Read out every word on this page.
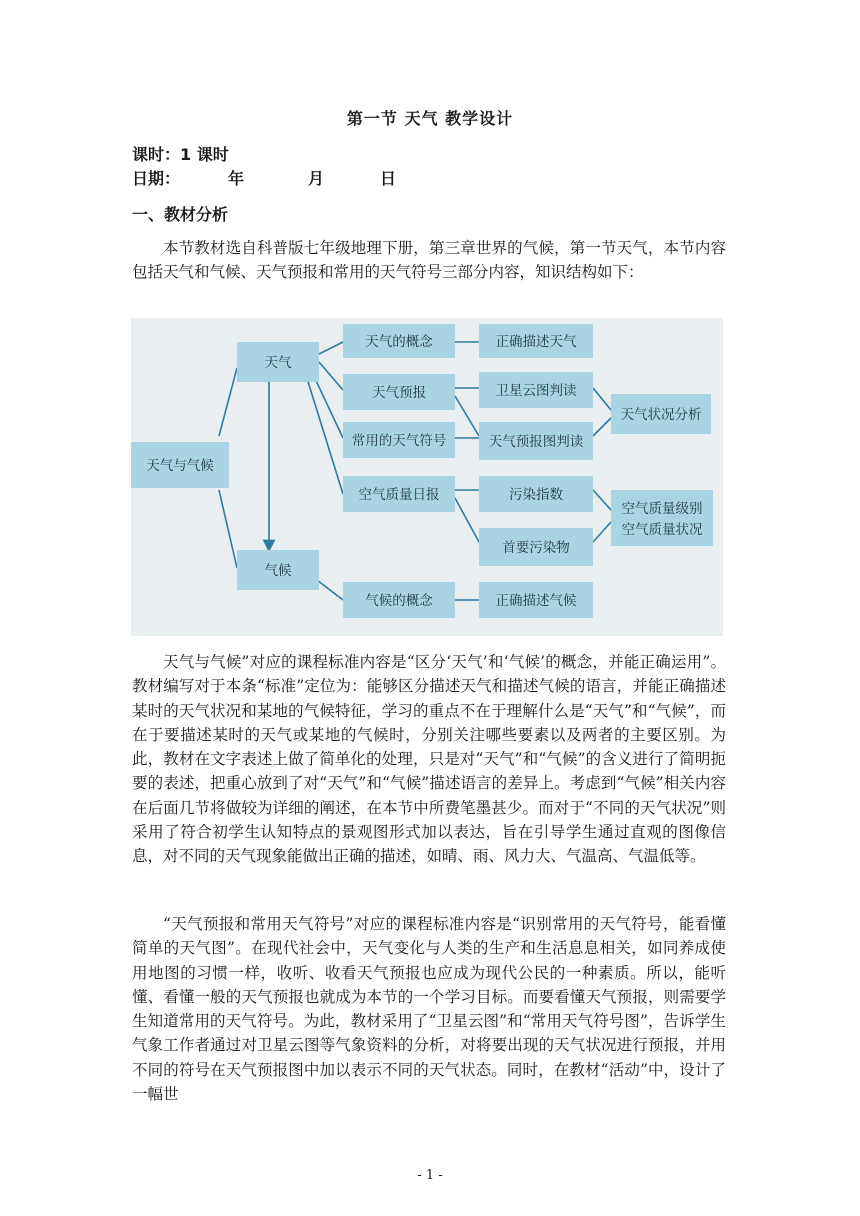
第一节 天气 教学设计
课时：1 课时
日期：	年	月	日
一、教材分析
本节教材选自科普版七年级地理下册，第三章世界的气候，第一节天气，本节内容包括天气和气候、天气预报和常用的天气符号三部分内容，知识结构如下：
天气与气候
天气
气候
天气的概念
天气预报
常用的天气符号
空气质量日报
气候的概念
正确描述天气
卫星云图判读
天气预报图判读
污染指数
首要污染物
正确描述气候
天气状况分析
空气质量级别
空气质量状况
天气与气候”对应的课程标准内容是“区分‘天气’和‘气候’的概念，并能正确运用”。教材编写对于本条“标准”定位为：能够区分描述天气和描述气候的语言，并能正确描述某时的天气状况和某地的气候特征，学习的重点不在于理解什么是“天气”和“气候”，而在于要描述某时的天气或某地的气候时，分别关注哪些要素以及两者的主要区别。为此，教材在文字表述上做了简单化的处理，只是对“天气”和“气候”的含义进行了简明扼要的表述，把重心放到了对“天气”和“气候”描述语言的差异上。考虑到“气候”相关内容在后面几节将做较为详细的阐述，在本节中所费笔墨甚少。而对于“不同的天气状况”则采用了符合初学生认知特点的景观图形式加以表达，旨在引导学生通过直观的图像信息，对不同的天气现象能做出正确的描述，如晴、雨、风力大、气温高、气温低等。
“天气预报和常用天气符号”对应的课程标准内容是“识别常用的天气符号，能看懂简单的天气图”。在现代社会中，天气变化与人类的生产和生活息息相关，如同养成使用地图的习惯一样，收听、收看天气预报也应成为现代公民的一种素质。所以，能听懂、看懂一般的天气预报也就成为本节的一个学习目标。而要看懂天气预报，则需要学生知道常用的天气符号。为此，教材采用了“卫星云图”和“常用天气符号图”，告诉学生气象工作者通过对卫星云图等气象资料的分析，对将要出现的天气状况进行预报，并用不同的符号在天气预报图中加以表示不同的天气状态。同时，在教材“活动”中，设计了一幅世
- 1 -
